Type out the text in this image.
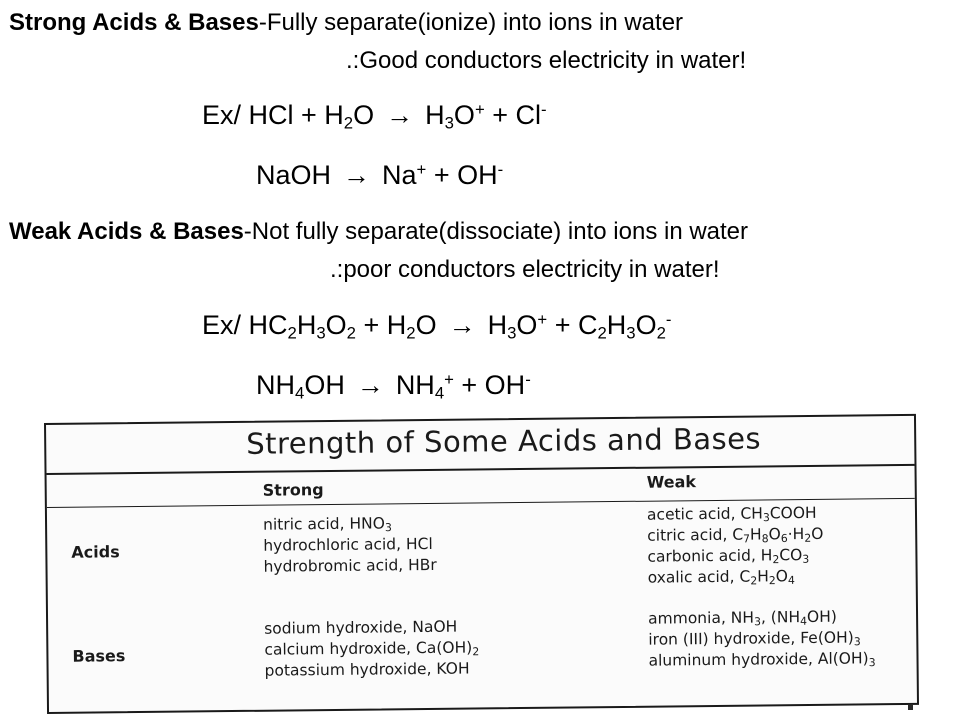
Strong Acids & Bases-Fully separate(ionize) into ions in water
.:Good conductors electricity in water!
Ex/ HCl + $H_2O \to H_3O^+ + Cl^-$
NaOH → Na+ + OH-
Weak Acids & Bases-Not fully separate(dissociate) into ions in water
.:poor conductors electricity in water!
Ex/ $HC_2H_3O_2 + H_2O \to H_3O^+ + C_2H_3O_2^-$
$NH_4OH \to NH_4^+ + OH^-$
Strength of Some Acids and Bases
Strong	Weak
Acids
Bases
nitric acid, $HNO_3$
hydrochloric acid, HCl
hydrobromic acid, HBr
acetic acid, $CH_3COOH$
citric acid, $C_7H_8O_6\cdot H_2O$
carbonic acid, $H_2CO_3$
oxalic acid, $C_2H_2O_4$
sodium hydroxide, NaOH
calcium hydroxide, $Ca(OH)_2$
potassium hydroxide, KOH
ammonia, $NH_3$, $(NH_4OH)$
iron (III) hydroxide, $Fe(OH)_3$
aluminum hydroxide, $Al(OH)_3$
